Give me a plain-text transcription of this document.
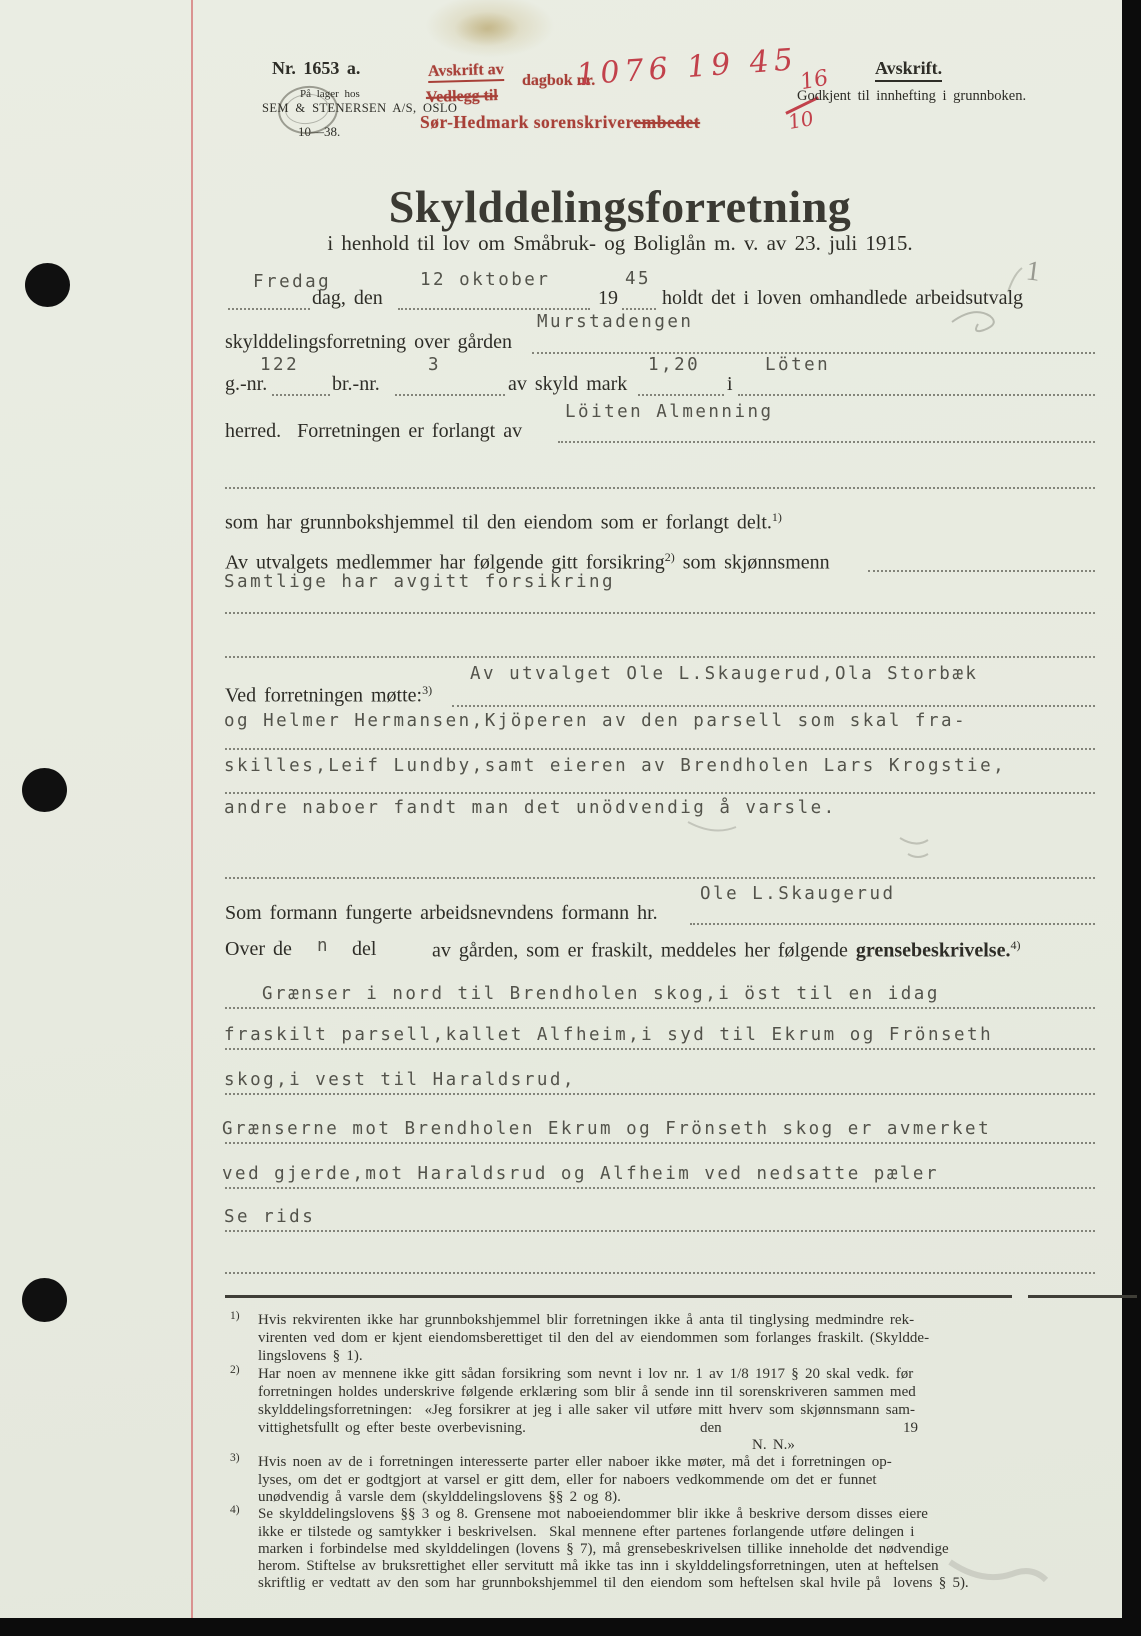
Nr. 1653 a.
På lager hos
SEM & STENERSEN A/S, OSLO
10—38.
Avskrift av
Vedlegg til
dagbok nr.
1076 19 45 16
10
Sør-Hedmark sorenskriverembedet
Avskrift.
Godkjent til innhefting i grunnboken.
Skylddelingsforretning
i henhold til lov om Småbruk- og Boliglån m. v. av 23. juli 1915.
Fredag
dag, den
12 oktober
19
45
holdt det i loven omhandlede arbeidsutvalg
1
skylddelingsforretning over gården
Murstadengen
g.-nr.
122
br.-nr.
3
av skyld mark
1,20
i
Löten
herred.  Forretningen er forlangt av
Löiten Almenning
som har grunnbokshjemmel til den eiendom som er forlangt delt.$^{1)}$
Av utvalgets medlemmer har følgende gitt forsikring$^{2)}$ som skjønnsmenn
Samtlige har avgitt forsikring
Ved forretningen møtte:$^{3)}$
Av utvalget Ole L.Skaugerud,Ola Storbæk
og Helmer Hermansen,Kjöperen av den parsell som skal fra-
skilles,Leif Lundby,samt eieren av Brendholen Lars Krogstie,
andre naboer fandt man det unödvendig å varsle.
Som formann fungerte arbeidsnevndens formann hr.
Ole L.Skaugerud
Over de n del	av gården, som er fraskilt, meddeles her følgende grensebeskrivelse.$^{4)}$
Grænser i nord til Brendholen skog,i öst til en idag
fraskilt parsell,kallet Alfheim,i syd til Ekrum og Frönseth
skog,i vest til Haraldsrud,
Grænserne mot Brendholen Ekrum og Frönseth skog er avmerket
ved gjerde,mot Haraldsrud og Alfheim ved nedsatte pæler
Se rids
1) Hvis rekvirenten ikke har grunnbokshjemmel blir forretningen ikke å anta til tinglysing medmindre rek-
virenten ved dom er kjent eiendomsberettiget til den del av eiendommen som forlanges fraskilt. (Skyldde-
lingslovens § 1).
2) Har noen av mennene ikke gitt sådan forsikring som nevnt i lov nr. 1 av 1/8 1917 § 20 skal vedk. før
forretningen holdes underskrive følgende erklæring som blir å sende inn til sorenskriveren sammen med
skylddelingsforretningen:  «Jeg forsikrer at jeg i alle saker vil utføre mitt hverv som skjønnsmann sam-
vittighetsfullt og efter beste overbevisning.	den	19
N. N.»
3) Hvis noen av de i forretningen interesserte parter eller naboer ikke møter, må det i forretningen op-
lyses, om det er godtgjort at varsel er gitt dem, eller for naboers vedkommende om det er funnet
unødvendig å varsle dem (skylddelingslovens §§ 2 og 8).
4) Se skylddelingslovens §§ 3 og 8. Grensene mot naboeiendommer blir ikke å beskrive dersom disses eiere
ikke er tilstede og samtykker i beskrivelsen.  Skal mennene efter partenes forlangende utføre delingen i
marken i forbindelse med skylddelingen (lovens § 7), må grensebeskrivelsen tillike inneholde det nødvendige
herom. Stiftelse av bruksrettighet eller servitutt må ikke tas inn i skylddelingsforretningen, uten at heftelsen
skriftlig er vedtatt av den som har grunnbokshjemmel til den eiendom som heftelsen skal hvile på  lovens § 5).
